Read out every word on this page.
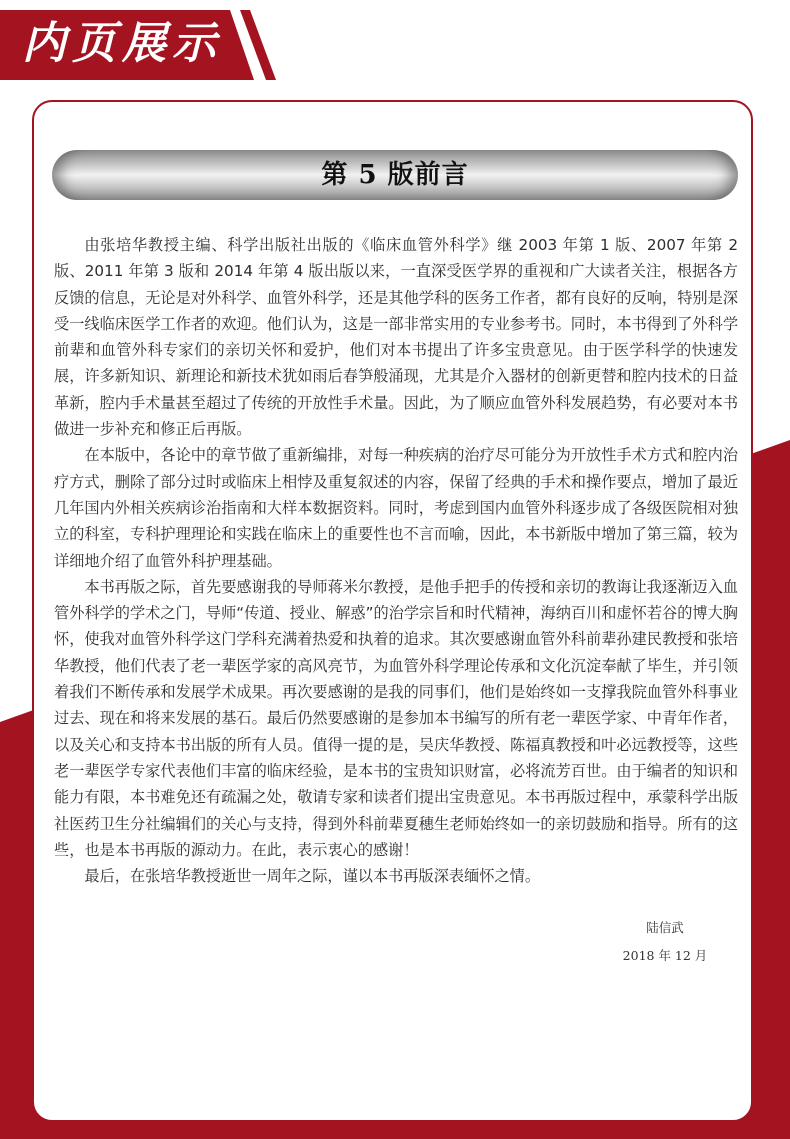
内页展示
第 5 版前言

由张培华教授主编、科学出版社出版的《临床血管外科学》继 2003 年第 1 版、2007 年第 2 版、2011 年第 3 版和 2014 年第 4 版出版以来，一直深受医学界的重视和广大读者关注，根据各方反馈的信息，无论是对外科学、血管外科学，还是其他学科的医务工作者，都有良好的反响，特别是深受一线临床医学工作者的欢迎。他们认为，这是一部非常实用的专业参考书。同时，本书得到了外科学前辈和血管外科专家们的亲切关怀和爱护，他们对本书提出了许多宝贵意见。由于医学科学的快速发展，许多新知识、新理论和新技术犹如雨后春笋般涌现，尤其是介入器材的创新更替和腔内技术的日益革新，腔内手术量甚至超过了传统的开放性手术量。因此，为了顺应血管外科发展趋势，有必要对本书做进一步补充和修正后再版。

在本版中，各论中的章节做了重新编排，对每一种疾病的治疗尽可能分为开放性手术方式和腔内治疗方式，删除了部分过时或临床上相悖及重复叙述的内容，保留了经典的手术和操作要点，增加了最近几年国内外相关疾病诊治指南和大样本数据资料。同时，考虑到国内血管外科逐步成了各级医院相对独立的科室，专科护理理论和实践在临床上的重要性也不言而喻，因此，本书新版中增加了第三篇，较为详细地介绍了血管外科护理基础。

本书再版之际，首先要感谢我的导师蒋米尔教授，是他手把手的传授和亲切的教诲让我逐渐迈入血管外科学的学术之门，导师“传道、授业、解惑”的治学宗旨和时代精神，海纳百川和虚怀若谷的博大胸怀，使我对血管外科学这门学科充满着热爱和执着的追求。其次要感谢血管外科前辈孙建民教授和张培华教授，他们代表了老一辈医学家的高风亮节，为血管外科学理论传承和文化沉淀奉献了毕生，并引领着我们不断传承和发展学术成果。再次要感谢的是我的同事们，他们是始终如一支撑我院血管外科事业过去、现在和将来发展的基石。最后仍然要感谢的是参加本书编写的所有老一辈医学家、中青年作者，以及关心和支持本书出版的所有人员。值得一提的是，吴庆华教授、陈福真教授和叶必远教授等，这些老一辈医学专家代表他们丰富的临床经验，是本书的宝贵知识财富，必将流芳百世。由于编者的知识和能力有限，本书难免还有疏漏之处，敬请专家和读者们提出宝贵意见。本书再版过程中，承蒙科学出版社医药卫生分社编辑们的关心与支持，得到外科前辈夏穗生老师始终如一的亲切鼓励和指导。所有的这些，也是本书再版的源动力。在此，表示衷心的感谢！

最后，在张培华教授逝世一周年之际，谨以本书再版深表缅怀之情。

陆信武
2018 年 12 月
